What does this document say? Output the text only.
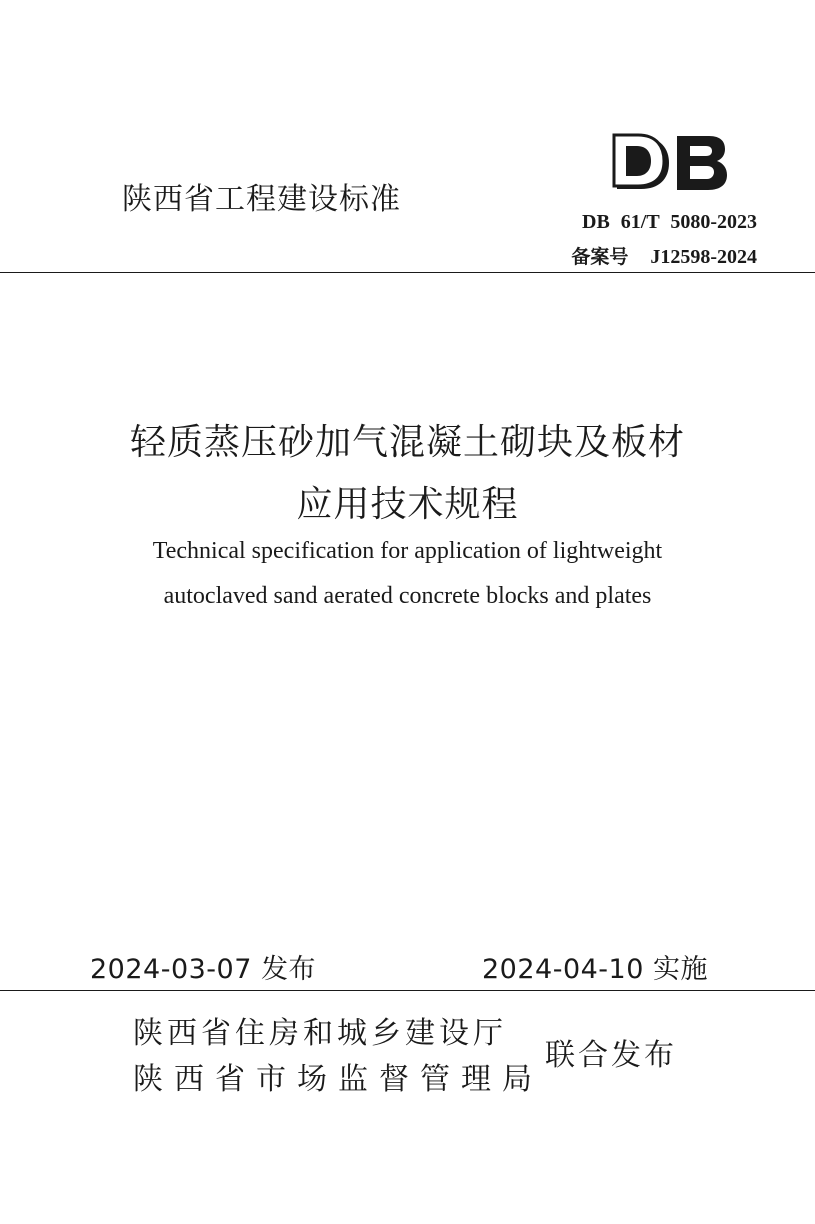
陕西省工程建设标准
DB 61/T 5080-2023
备案号 J12598-2024
轻质蒸压砂加气混凝土砌块及板材
应用技术规程
Technical specification for application of lightweight
autoclaved sand aerated concrete blocks and plates
2024-03-07 发布	2024-04-10 实施
陕西省住房和城乡建设厅
陕西省市场监督管理局
联合发布
